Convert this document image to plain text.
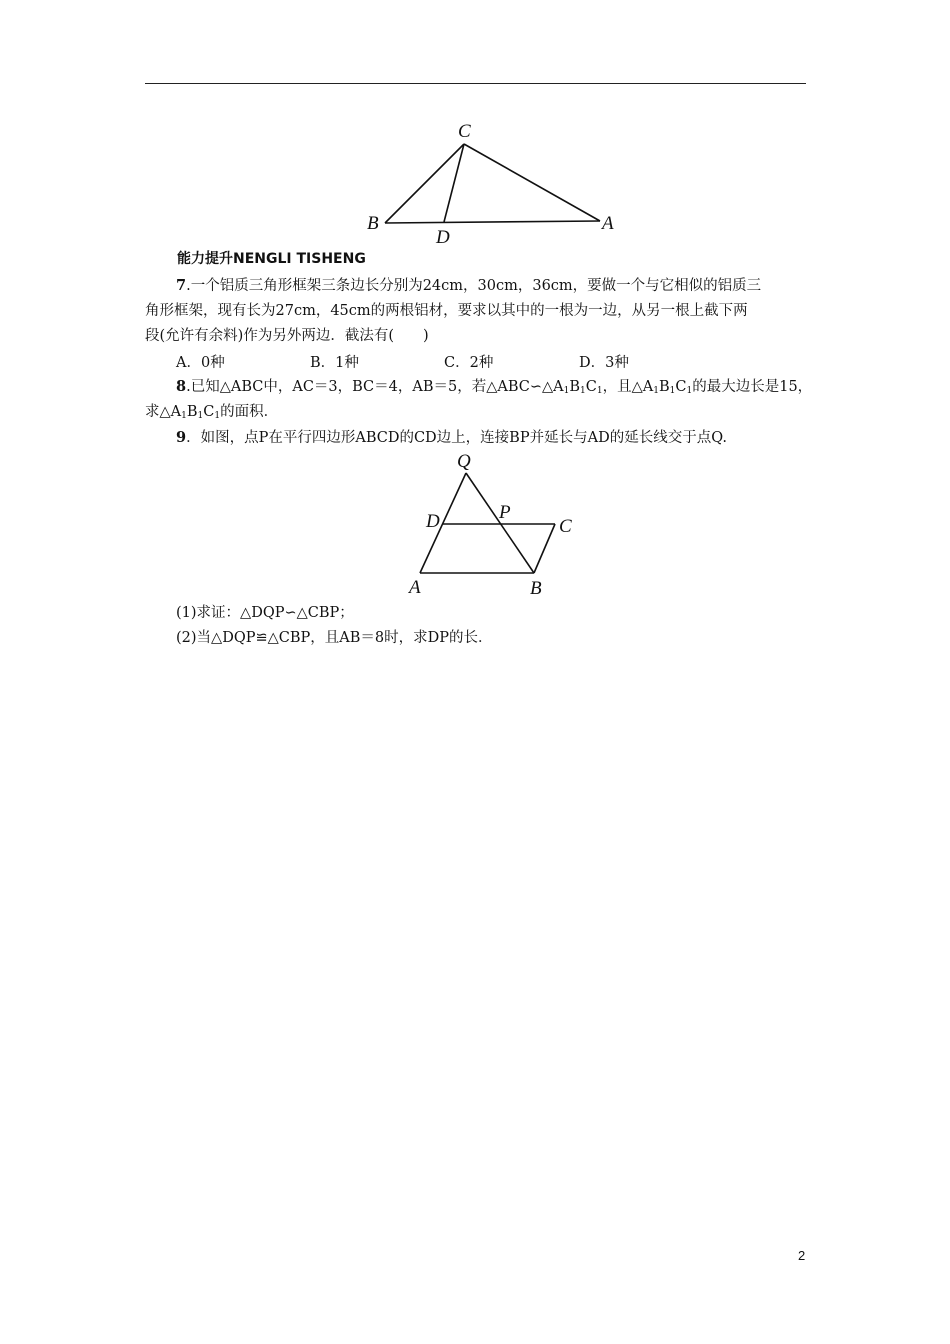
C
B
D
A
能力提升NENGLI TISHENG
7.一个铝质三角形框架三条边长分别为24cm，30cm，36cm，要做一个与它相似的铝质三
角形框架，现有长为27cm，45cm的两根铝材，要求以其中的一根为一边，从另一根上截下两
段(允许有余料)作为另外两边．截法有(　　)
A．0种	B．1种	C．2种	D．3种
8.已知△ABC中，AC＝3，BC＝4，AB＝5，若$\triangle ABC∽\triangle A_1B_1C_1$，且$\triangle A_1B_1C_1$的最大边长是15，
求$\triangle A_1B_1C_1$的面积．
9．如图，点P在平行四边形ABCD的CD边上，连接BP并延长与AD的延长线交于点Q.
Q
D	P
C
A	B
(1)求证：△DQP∽△CBP；
(2)当△DQP≌△CBP，且AB＝8时，求DP的长．
2
